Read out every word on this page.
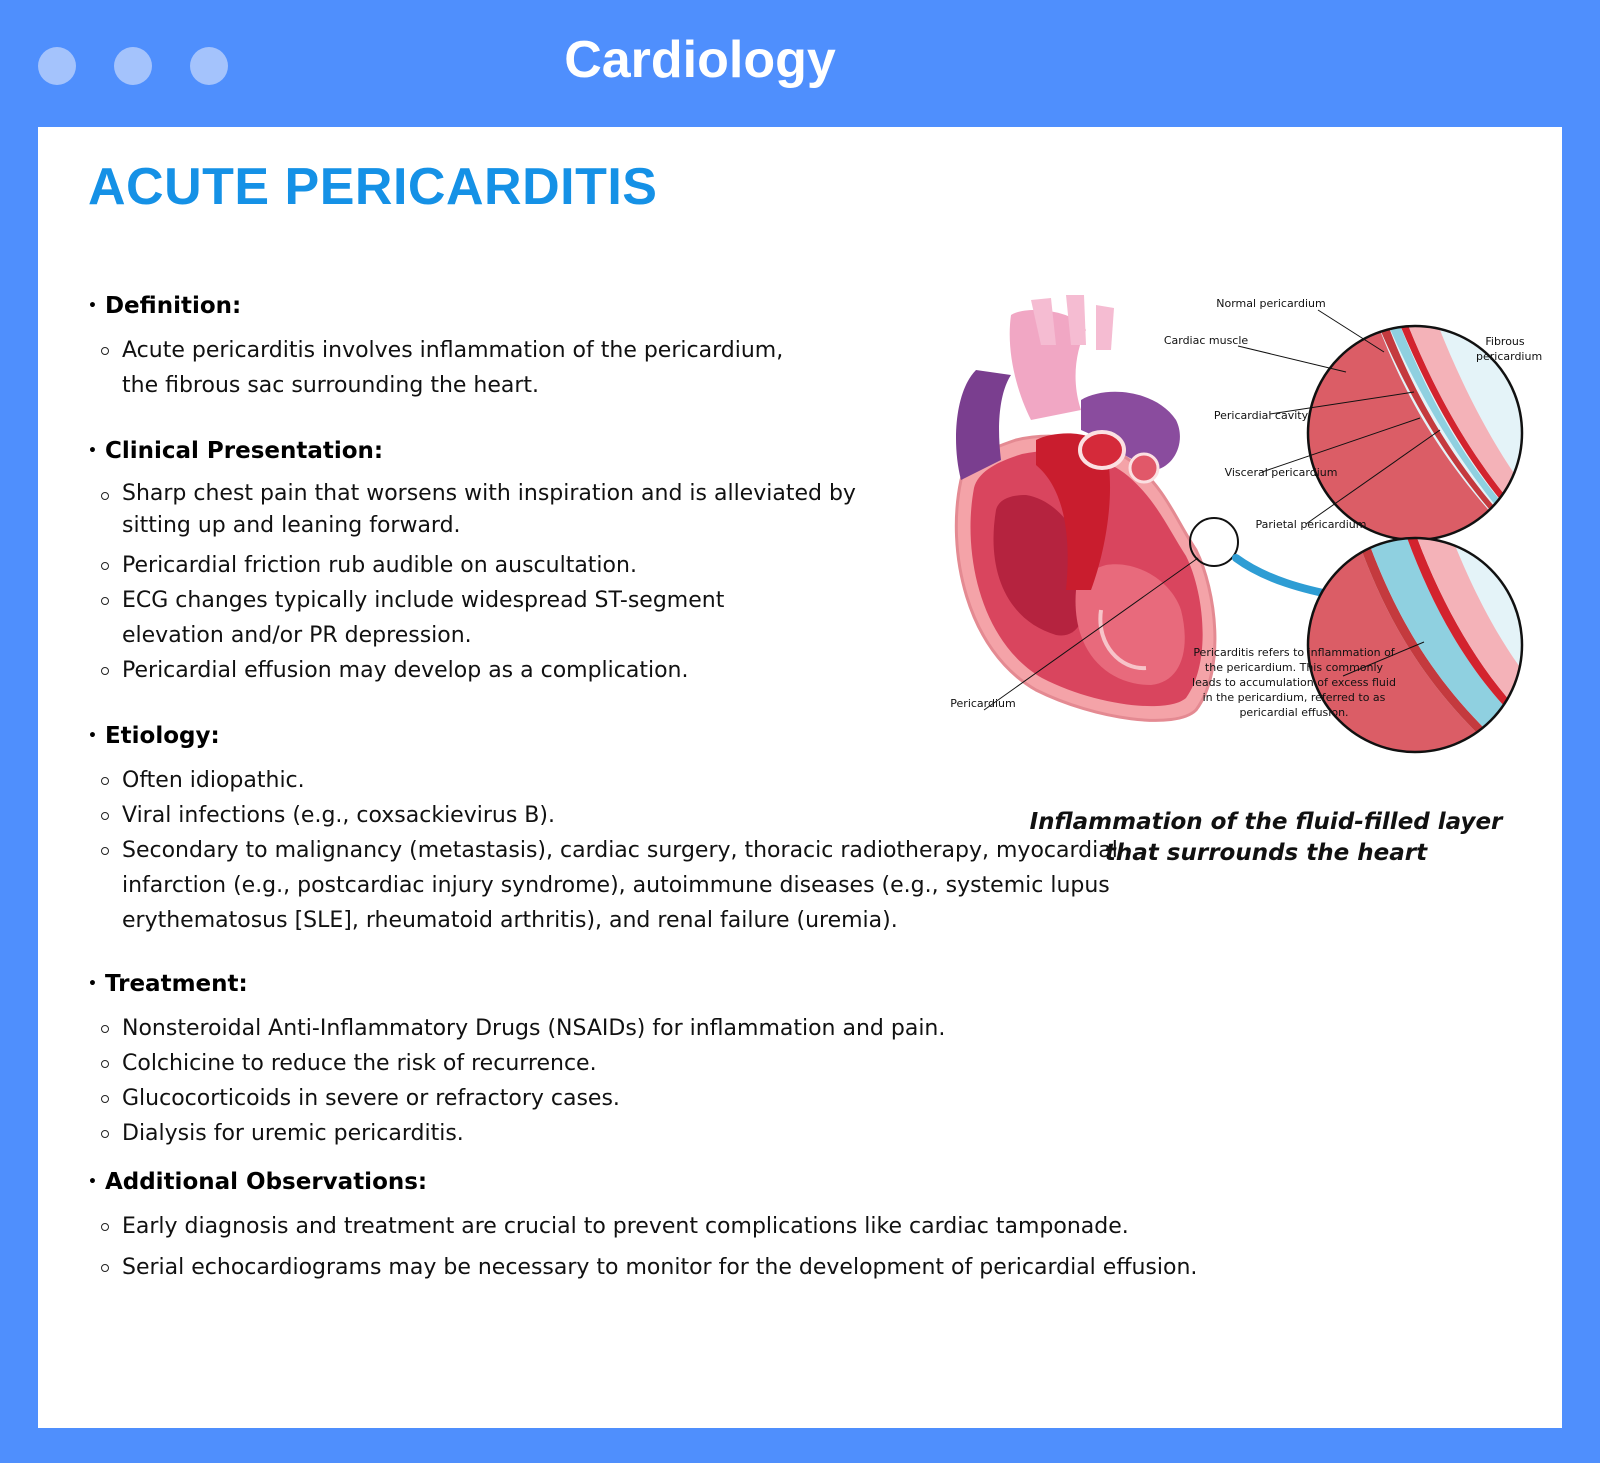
Cardiology
ACUTE PERICARDITIS
• Definition:
Acute pericarditis involves inflammation of the pericardium, the fibrous sac surrounding the heart.
• Clinical Presentation:
Sharp chest pain that worsens with inspiration and is alleviated by sitting up and leaning forward.
Pericardial friction rub audible on auscultation.
ECG changes typically include widespread ST-segment elevation and/or PR depression.
Pericardial effusion may develop as a complication.
• Etiology:
Often idiopathic.
Viral infections (e.g., coxsackievirus B).
Secondary to malignancy (metastasis), cardiac surgery, thoracic radiotherapy, myocardial infarction (e.g., postcardiac injury syndrome), autoimmune diseases (e.g., systemic lupus erythematosus [SLE], rheumatoid arthritis), and renal failure (uremia).
• Treatment:
Nonsteroidal Anti-Inflammatory Drugs (NSAIDs) for inflammation and pain.
Colchicine to reduce the risk of recurrence.
Glucocorticoids in severe or refractory cases.
Dialysis for uremic pericarditis.
• Additional Observations:
Early diagnosis and treatment are crucial to prevent complications like cardiac tamponade.
Serial echocardiograms may be necessary to monitor for the development of pericardial effusion.
Normal pericardium
Cardiac muscle	Fibrous pericardium
Pericardial cavity
Visceral pericardium
Parietal pericardium
Pericardium
Pericarditis refers to inflammation of the pericardium. This commonly leads to accumulation of excess fluid in the pericardium, referred to as pericardial effusion.
Inflammation of the fluid-filled layer that surrounds the heart
